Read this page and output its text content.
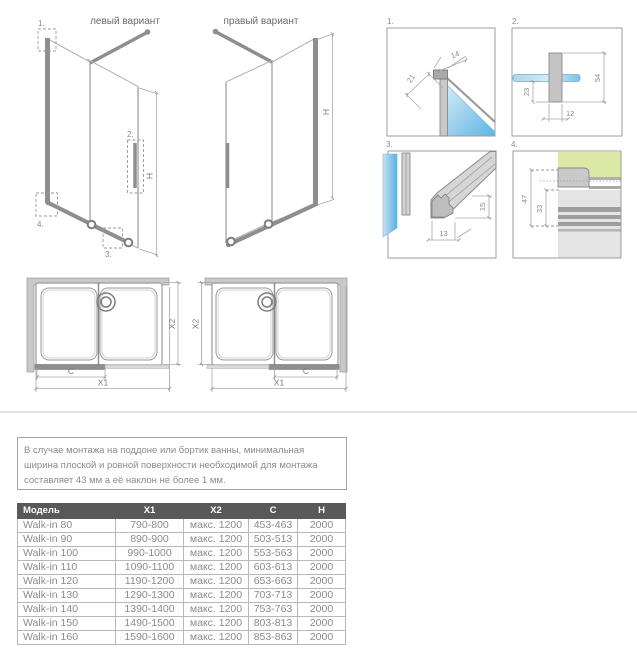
левый вариант
H
1.
2.
3.
4.
правый вариант
H
1.
14
21
2.
54
23
12
3.
13
15
4.
47
33
C
X1
X2
C
X1
X2
В случае монтажа на поддоне или бортик ванны, минимальная ширина плоской и ровной поверхности необходимой для монтажа составляет 43 мм а её наклон не более 1 мм.
Модель	X1	X2	C	H
Walk-in 80	790-800	макс. 1200	453-463	2000
Walk-in 90	890-900	макс. 1200	503-513	2000
Walk-in 100	990-1000	макс. 1200	553-563	2000
Walk-in 110	1090-1100	макс. 1200	603-613	2000
Walk-in 120	1190-1200	макс. 1200	653-663	2000
Walk-in 130	1290-1300	макс. 1200	703-713	2000
Walk-in 140	1390-1400	макс. 1200	753-763	2000
Walk-in 150	1490-1500	макс. 1200	803-813	2000
Walk-in 160	1590-1600	макс. 1200	853-863	2000
